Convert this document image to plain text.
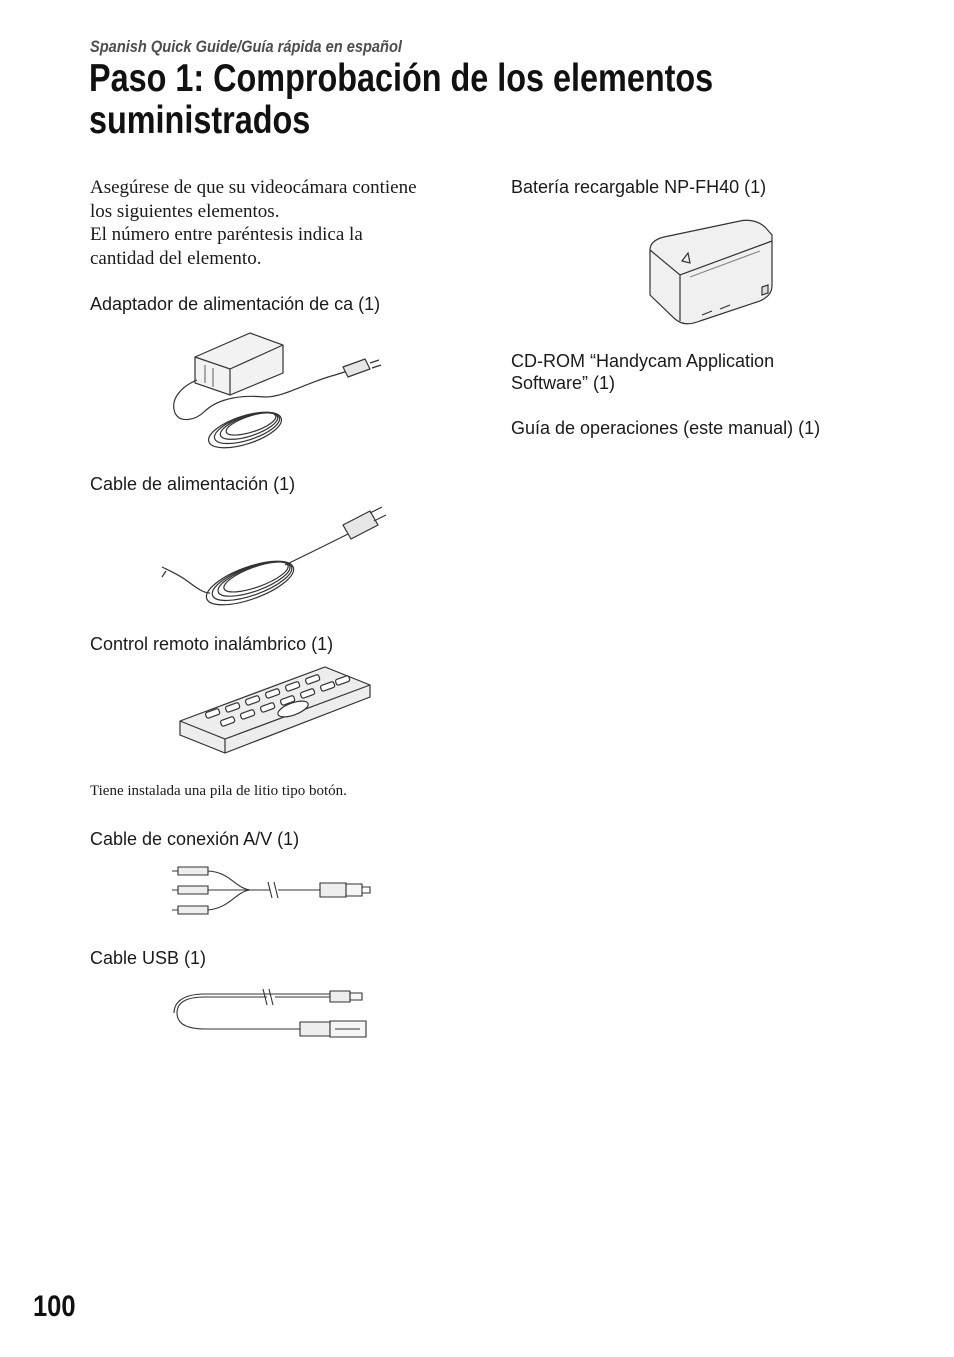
Spanish Quick Guide/Guía rápida en español
Paso 1: Comprobación de los elementos
suministrados
Asegúrese de que su videocámara contiene
los siguientes elementos.
El número entre paréntesis indica la
cantidad del elemento.
Adaptador de alimentación de ca (1)
Cable de alimentación (1)
Control remoto inalámbrico (1)
Tiene instalada una pila de litio tipo botón.
Cable de conexión A/V (1)
Cable USB (1)
Batería recargable NP-FH40 (1)
CD-ROM “Handycam Application Software” (1)
Guía de operaciones (este manual) (1)
100
